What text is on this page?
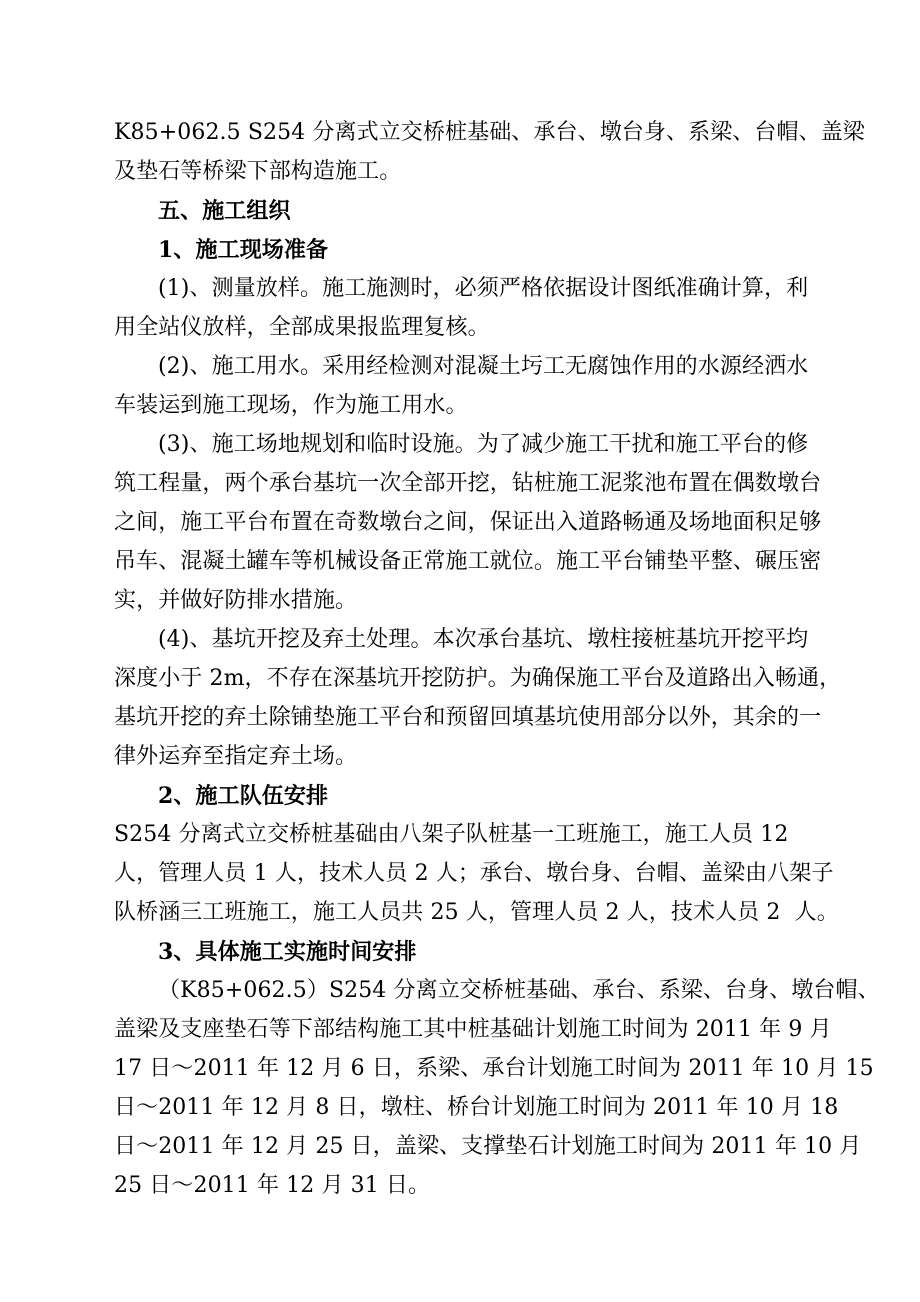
K85+062.5 S254 分离式立交桥桩基础、承台、墩台身、系梁、台帽、盖梁
及垫石等桥梁下部构造施工。
五、施工组织
1、施工现场准备
(1)、测量放样。施工施测时，必须严格依据设计图纸准确计算，利
用全站仪放样，全部成果报监理复核。
(2)、施工用水。采用经检测对混凝土圬工无腐蚀作用的水源经洒水
车装运到施工现场，作为施工用水。
(3)、施工场地规划和临时设施。为了减少施工干扰和施工平台的修
筑工程量，两个承台基坑一次全部开挖，钻桩施工泥浆池布置在偶数墩台
之间，施工平台布置在奇数墩台之间，保证出入道路畅通及场地面积足够
吊车、混凝土罐车等机械设备正常施工就位。施工平台铺垫平整、碾压密
实，并做好防排水措施。
(4)、基坑开挖及弃土处理。本次承台基坑、墩柱接桩基坑开挖平均
深度小于 2m，不存在深基坑开挖防护。为确保施工平台及道路出入畅通，
基坑开挖的弃土除铺垫施工平台和预留回填基坑使用部分以外，其余的一
律外运弃至指定弃土场。
2、施工队伍安排
S254 分离式立交桥桩基础由八架子队桩基一工班施工，施工人员 12
人，管理人员 1 人，技术人员 2 人；承台、墩台身、台帽、盖梁由八架子
队桥涵三工班施工，施工人员共 25 人，管理人员 2 人，技术人员 2  人。
3、具体施工实施时间安排
（K85+062.5）S254 分离立交桥桩基础、承台、系梁、台身、墩台帽、
盖梁及支座垫石等下部结构施工其中桩基础计划施工时间为 2011 年 9 月
17 日～2011 年 12 月 6 日，系梁、承台计划施工时间为 2011 年 10 月 15
日～2011 年 12 月 8 日，墩柱、桥台计划施工时间为 2011 年 10 月 18
日～2011 年 12 月 25 日，盖梁、支撑垫石计划施工时间为 2011 年 10 月
25 日～2011 年 12 月 31 日。
